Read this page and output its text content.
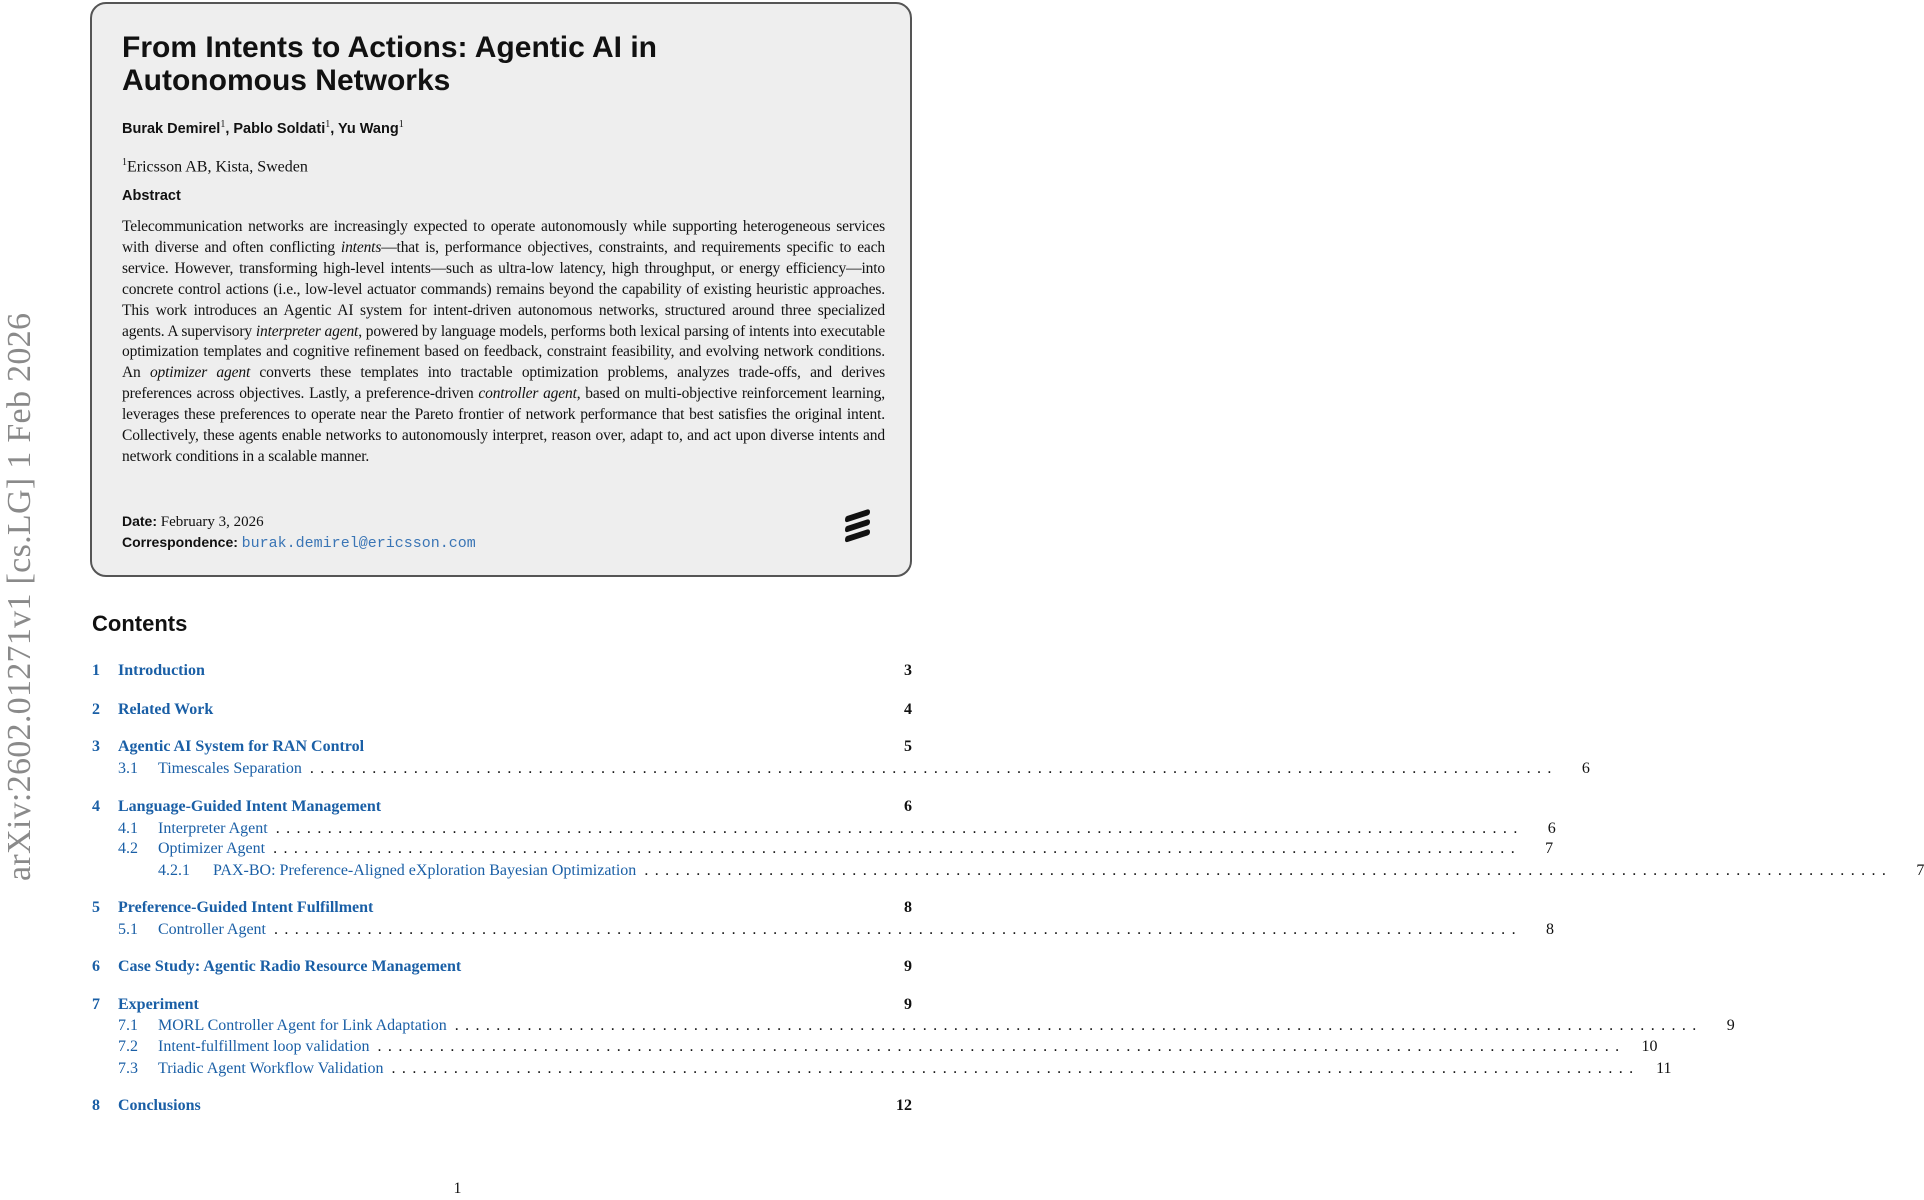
arXiv:2602.01271v1 [cs.LG] 1 Feb 2026
From Intents to Actions: Agentic AI in Autonomous Networks
Burak Demirel$^1$, Pablo Soldati$^1$, Yu Wang$^1$
$^1$Ericsson AB, Kista, Sweden
Abstract

Telecommunication networks are increasingly expected to operate autonomously while supporting heterogeneous services with diverse and often conflicting intents—that is, performance objectives, constraints, and requirements specific to each service. However, transforming high-level intents—such as ultra-low latency, high throughput, or energy efficiency—into concrete control actions (i.e., low-level actuator commands) remains beyond the capability of existing heuristic approaches. This work introduces an Agentic AI system for intent-driven autonomous networks, structured around three specialized agents. A supervisory interpreter agent, powered by language models, performs both lexical parsing of intents into executable optimization templates and cognitive refinement based on feedback, constraint feasibility, and evolving network conditions. An optimizer agent converts these templates into tractable optimization problems, analyzes trade-offs, and derives preferences across objectives. Lastly, a preference-driven controller agent, based on multi-objective reinforcement learning, leverages these preferences to operate near the Pareto frontier of network performance that best satisfies the original intent. Collectively, these agents enable networks to autonomously interpret, reason over, adapt to, and act upon diverse intents and network conditions in a scalable manner.

Date: February 3, 2026
Correspondence: burak.demirel@ericsson.com
Contents
1	Introduction	3
2	Related Work	4
3	Agentic AI System for RAN Control	5
3.1	Timescales Separation ........................................................................................................................	6
4	Language-Guided Intent Management	6
4.1	Interpreter Agent ........................................................................................................................	6
4.2	Optimizer Agent ........................................................................................................................	7
4.2.1	PAX-BO: Preference-Aligned eXploration Bayesian Optimization ........................................................................................................................	7
5	Preference-Guided Intent Fulfillment	8
5.1	Controller Agent ........................................................................................................................	8
6	Case Study: Agentic Radio Resource Management	9
7	Experiment	9
7.1	MORL Controller Agent for Link Adaptation ........................................................................................................................	9
7.2	Intent-fulfillment loop validation ........................................................................................................................ 10
7.3	Triadic Agent Workflow Validation ........................................................................................................................ 11
8	Conclusions	12
1
